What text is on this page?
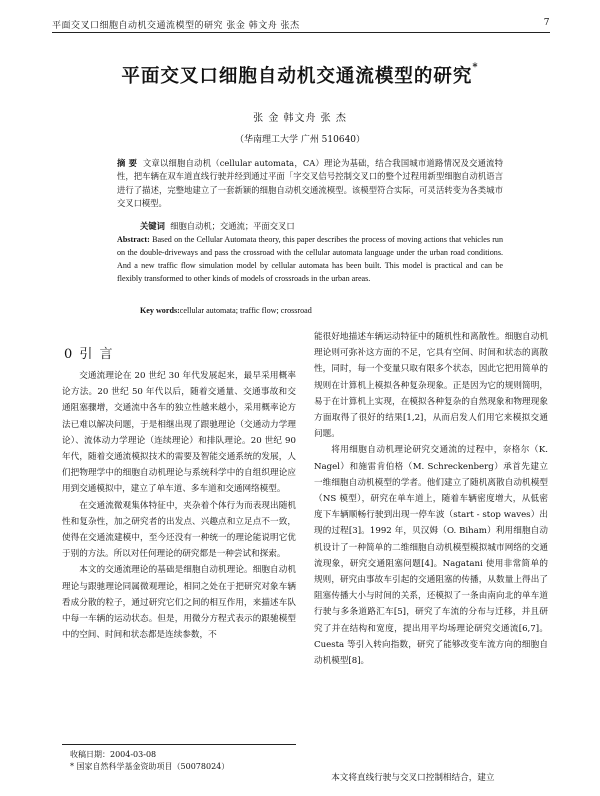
平面交叉口细胞自动机交通流模型的研究 张金 韩文舟 张杰	7
平面交叉口细胞自动机交通流模型的研究*
张 金 韩文舟 张 杰
（华南理工大学 广州 510640）
摘 要 文章以细胞自动机（cellular automata，CA）理论为基础，结合我国城市道路情况及交通流特性，把车辆在双车道直线行驶并经到通过平面「字交叉信号控制交叉口的整个过程用新型细胞自动机语言进行了描述，完整地建立了一套新颖的细胞自动机交通流模型。该模型符合实际，可灵活转变为各类城市交叉口模型。
关键词 细胞自动机；交通流；平面交叉口
Abstract: Based on the Cellular Automata theory, this paper describes the process of moving actions that vehicles run on the double-driveways and pass the crossroad with the cellular automata language under the urban road conditions. And a new traffic flow simulation model by cellular automata has been built. This model is practical and can be flexibly transformed to other kinds of models of crossroads in the urban areas.
Key words:cellular automata; traffic flow; crossroad
0 引 言

交通流理论在 20 世纪 30 年代发展起来，最早采用概率论方法。20 世纪 50 年代以后，随着交通量、交通事故和交通阻塞骤增，交通流中各车的独立性越来越小，采用概率论方法已难以解决问题，于是相继出现了跟驰理论（交通动力学理论）、流体动力学理论（连续理论）和排队理论。20 世纪 90 年代，随着交通流模拟技术的需要及智能交通系统的发展，人们把物理学中的细胞自动机理论与系统科学中的自组织理论应用到交通模拟中，建立了单车道、多车道和交通网络模型。

在交通流微观集体特征中，夹杂着个体行为而表现出随机性和复杂性，加之研究者的出发点、兴趣点和立足点不一致，使得在交通流建模中，至今还没有一种统一的理论能说明它优于别的方法。所以对任何理论的研究都是一种尝试和探索。

本文的交通流理论的基础是细胞自动机理论。细胞自动机理论与跟驰理论同属微观理论，相同之处在于把研究对象车辆看成分散的粒子，通过研究它们之间的相互作用，来描述车队中每一车辆的运动状态。但是，用微分方程式表示的跟驰模型中的空间、时间和状态都是连续参数，不

能很好地描述车辆运动特征中的随机性和离散性。细胞自动机理论则可弥补这方面的不足，它具有空间、时间和状态的离散性，同时，每一个变量只取有限多个状态，因此它把用简单的规则在计算机上模拟各种复杂现象。正是因为它的规则简明，易于在计算机上实现，在模拟各种复杂的自然现象和物理现象方面取得了很好的结果[1,2]，从而启发人们用它来模拟交通问题。

将用细胞自动机理论研究交通流的过程中，奈格尔（K. Nagel）和施雷肯伯格（M. Schreckenberg）承首先建立一维细胞自动机模型的学者。他们建立了随机离散自动机模型（NS 模型），研究在单车道上，随着车辆密度增大，从低密度下车辆顺畅行驶到出现一停车波（start - stop waves）出现的过程[3]。1992 年，贝汉姆（O. Biham）利用细胞自动机设计了一种简单的二维细胞自动机模型模拟城市网络的交通流现象，研究交通阻塞问题[4]。Nagatani 使用非常简单的规则，研究由事故车引起的交通阻塞的传播，从数量上得出了阻塞传播大小与时间的关系，还模拟了一条由南向北的单车道行驶与多条道路汇车[5]，研究了车流的分布与迁移，并且研究了并在结构和宽度，提出用平均场理论研究交通流[6,7]。Cuesta 等引入转向指数，研究了能够改变车流方向的细胞自动机模型[8]。

收稿日期：2004-03-08
* 国家自然科学基金资助项目（50078024）
本文将直线行驶与交叉口控制相结合，建立
